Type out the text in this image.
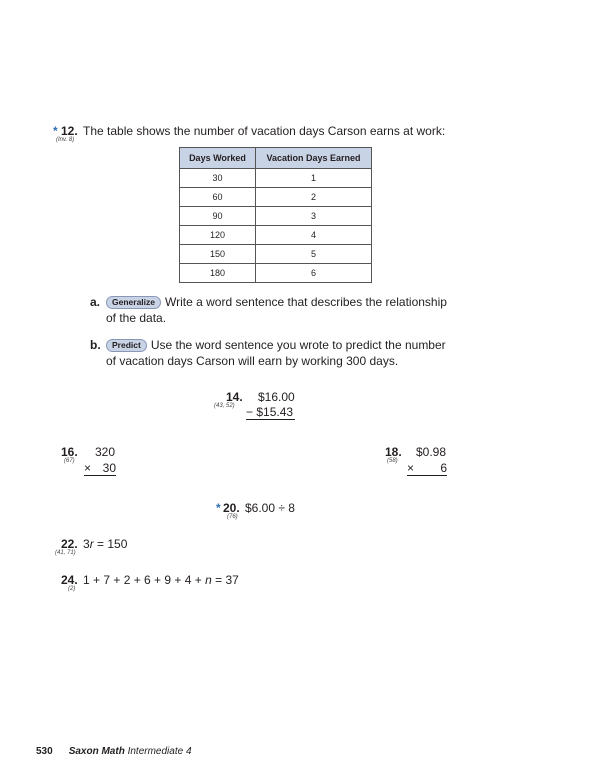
* 12.
(Inv. 8)
The table shows the number of vacation days Carson earns at work:
Days Worked	Vacation Days Earned
30	1
60	2
90	3
120	4
150	5
180	6
a. Generalize Write a word sentence that describes the relationship
of the data.
b. Predict Use the word sentence you wrote to predict the number
of vacation days Carson will earn by working 300 days.
14.
(43, 52)
$16.00
− $15.43
16.
(67)
320
× 30
18.
(58)
$0.98
× 6
* 20.
(76)
$6.00 ÷ 8
22.
(41, 71)
3r = 150
24.
(2)
1 + 7 + 2 + 6 + 9 + 4 + n = 37
530 Saxon Math Intermediate 4
